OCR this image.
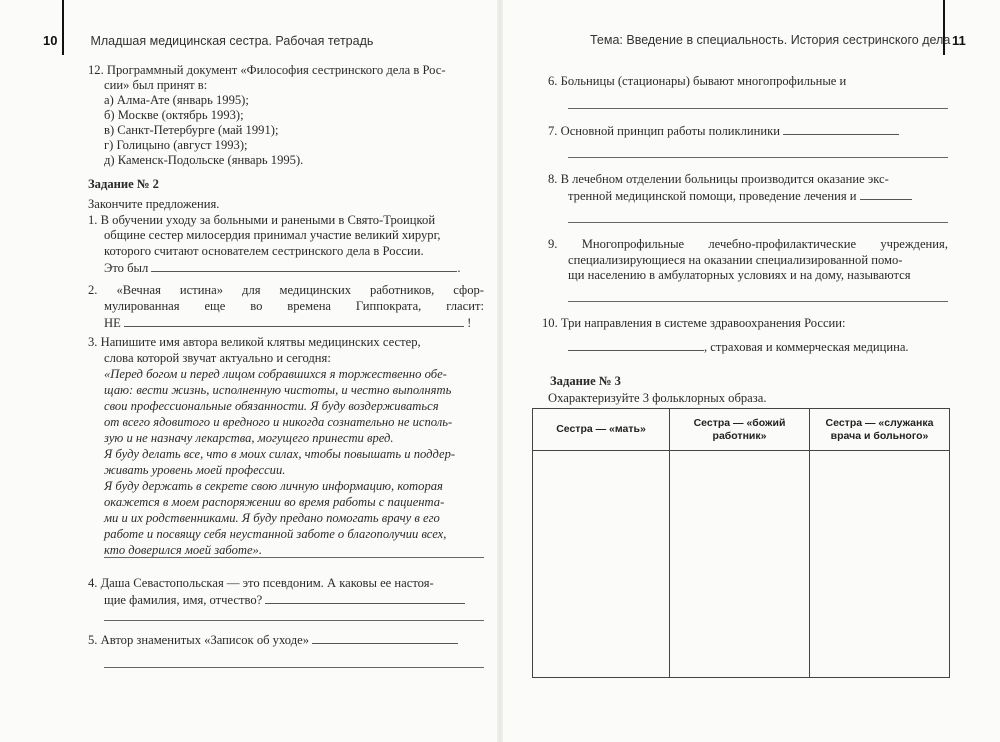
10	Младшая медицинская сестра. Рабочая тетрадь
12. Программный документ «Философия сестринского дела в Рос-
сии» был принят в:
а) Алма-Ате (январь 1995);
б) Москве (октябрь 1993);
в) Санкт-Петербурге (май 1991);
г) Голицыно (август 1993);
д) Каменск-Подольске (январь 1995).
Задание № 2
Закончите предложения.
1. В обучении уходу за больными и ранеными в Свято-Троицкой
общине сестер милосердия принимал участие великий хирург,
которого считают основателем сестринского дела в России.
Это был	.
2. «Вечная истина» для медицинских работников, сфор-
мулированная еще во времена Гиппократа, гласит:
НЕ	!
3. Напишите имя автора великой клятвы медицинских сестер,
слова которой звучат актуально и сегодня:
«Перед богом и перед лицом собравшихся я торжественно обе-
щаю: вести жизнь, исполненную чистоты, и честно выполнять
свои профессиональные обязанности. Я буду воздерживаться
от всего ядовитого и вредного и никогда сознательно не исполь-
зую и не назначу лекарства, могущего принести вред.
Я буду делать все, что в моих силах, чтобы повышать и поддер-
живать уровень моей профессии.
Я буду держать в секрете свою личную информацию, которая
окажется в моем распоряжении во время работы с пациента-
ми и их родственниками. Я буду предано помогать врачу в его
работе и посвящу себя неустанной заботе о благополучии всех,
кто доверился моей заботе».
4. Даша Севастопольская — это псевдоним. А каковы ее настоя-
щие фамилия, имя, отчество?
5. Автор знаменитых «Записок об уходе»
Тема: Введение в специальность. История сестринского дела 11
6. Больницы (стационары) бывают многопрофильные и
7. Основной принцип работы поликлиники
8. В лечебном отделении больницы производится оказание экс-
тренной медицинской помощи, проведение лечения и
9. Многопрофильные лечебно-профилактические учреждения,
специализирующиеся на оказании специализированной помо-
щи населению в амбулаторных условиях и на дому, называются
10. Три направления в системе здравоохранения России:
, страховая и коммерческая медицина.
Задание № 3
Охарактеризуйте 3 фольклорных образа.
Сестра — «мать»	Сестра — «божий работник»	Сестра — «служанка врача и больного»
